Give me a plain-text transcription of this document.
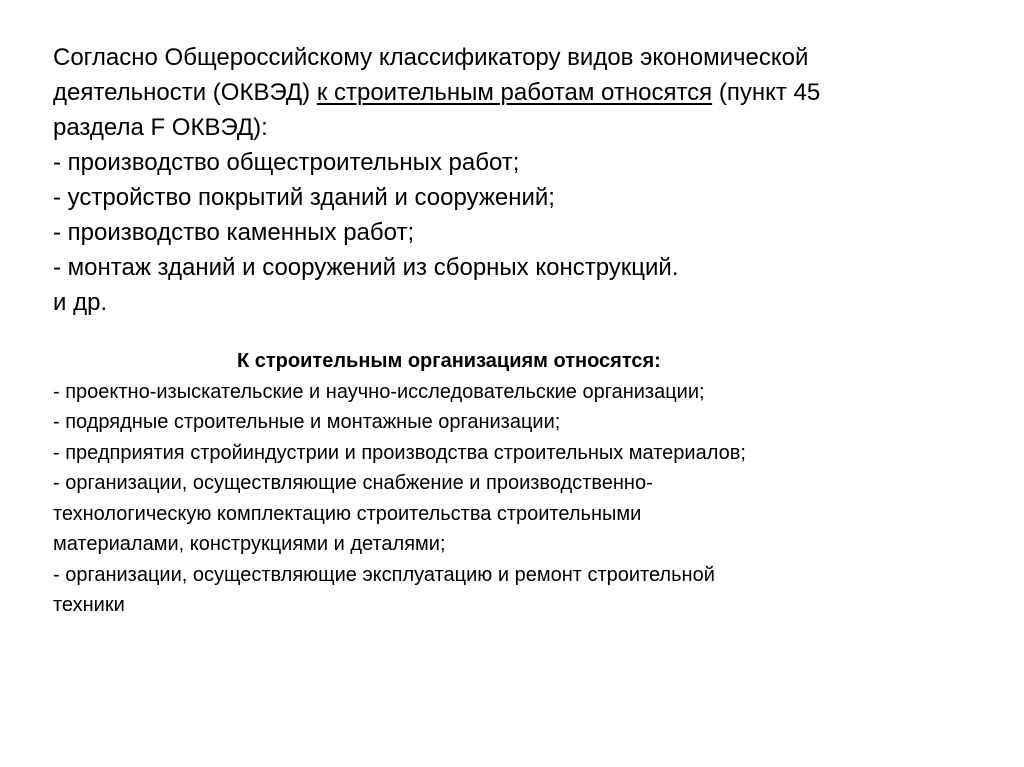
Согласно Общероссийскому классификатору видов экономической
деятельности (ОКВЭД) к строительным работам относятся (пункт 45
раздела F ОКВЭД):
- производство общестроительных работ;
- устройство покрытий зданий и сооружений;
- производство каменных работ;
- монтаж зданий и сооружений из сборных конструкций.
и др.
К строительным организациям относятся:
- проектно-изыскательские и научно-исследовательские организации;
- подрядные строительные и монтажные организации;
- предприятия стройиндустрии и производства строительных материалов;
- организации, осуществляющие снабжение и производственно-
технологическую комплектацию строительства строительными
материалами, конструкциями и деталями;
- организации, осуществляющие эксплуатацию и ремонт строительной
техники
